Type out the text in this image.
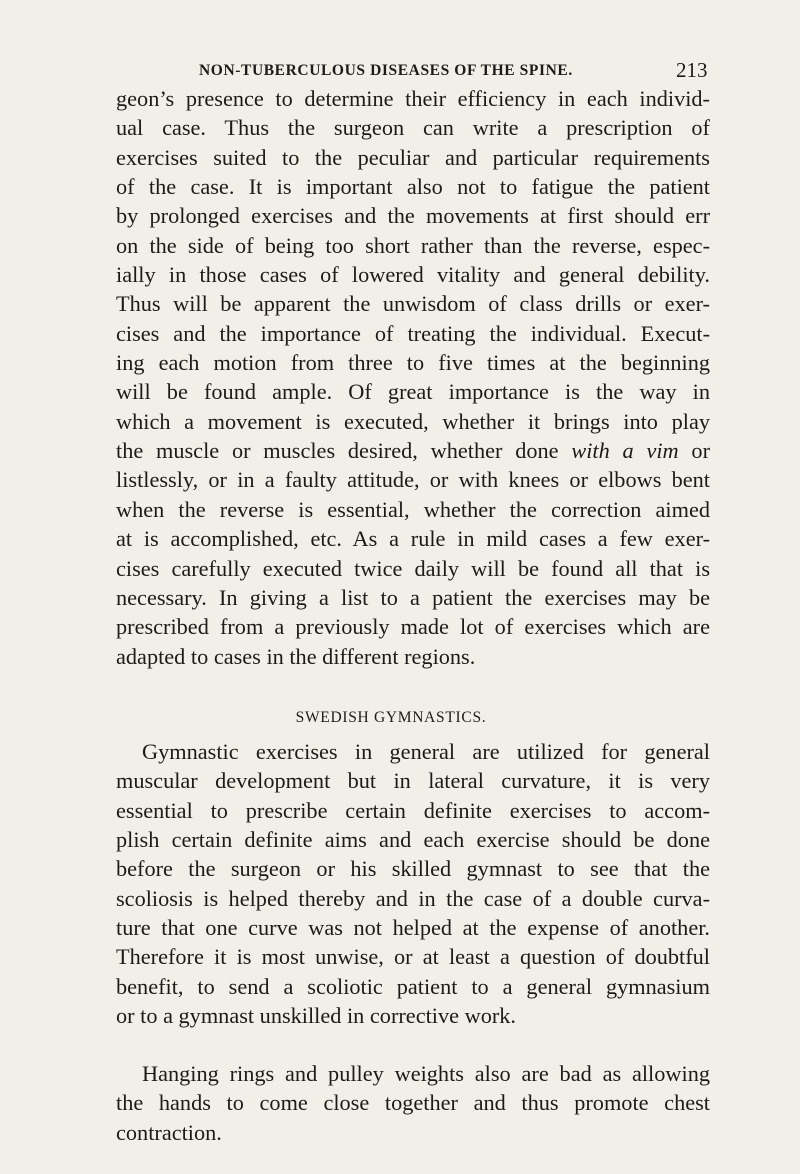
NON-TUBERCULOUS DISEASES OF THE SPINE.	213
geon’s presence to determine their efficiency in each individ-
ual case. Thus the surgeon can write a prescription of
exercises suited to the peculiar and particular requirements
of the case. It is important also not to fatigue the patient
by prolonged exercises and the movements at first should err
on the side of being too short rather than the reverse, espec-
ially in those cases of lowered vitality and general debility.
Thus will be apparent the unwisdom of class drills or exer-
cises and the importance of treating the individual. Execut-
ing each motion from three to five times at the beginning
will be found ample. Of great importance is the way in
which a movement is executed, whether it brings into play
the muscle or muscles desired, whether done with a vim or
listlessly, or in a faulty attitude, or with knees or elbows bent
when the reverse is essential, whether the correction aimed
at is accomplished, etc. As a rule in mild cases a few exer-
cises carefully executed twice daily will be found all that is
necessary. In giving a list to a patient the exercises may be
prescribed from a previously made lot of exercises which are
adapted to cases in the different regions.
SWEDISH GYMNASTICS.
Gymnastic exercises in general are utilized for general
muscular development but in lateral curvature, it is very
essential to prescribe certain definite exercises to accom-
plish certain definite aims and each exercise should be done
before the surgeon or his skilled gymnast to see that the
scoliosis is helped thereby and in the case of a double curva-
ture that one curve was not helped at the expense of another.
Therefore it is most unwise, or at least a question of doubtful
benefit, to send a scoliotic patient to a general gymnasium
or to a gymnast unskilled in corrective work.
Hanging rings and pulley weights also are bad as allowing
the hands to come close together and thus promote chest
contraction.
